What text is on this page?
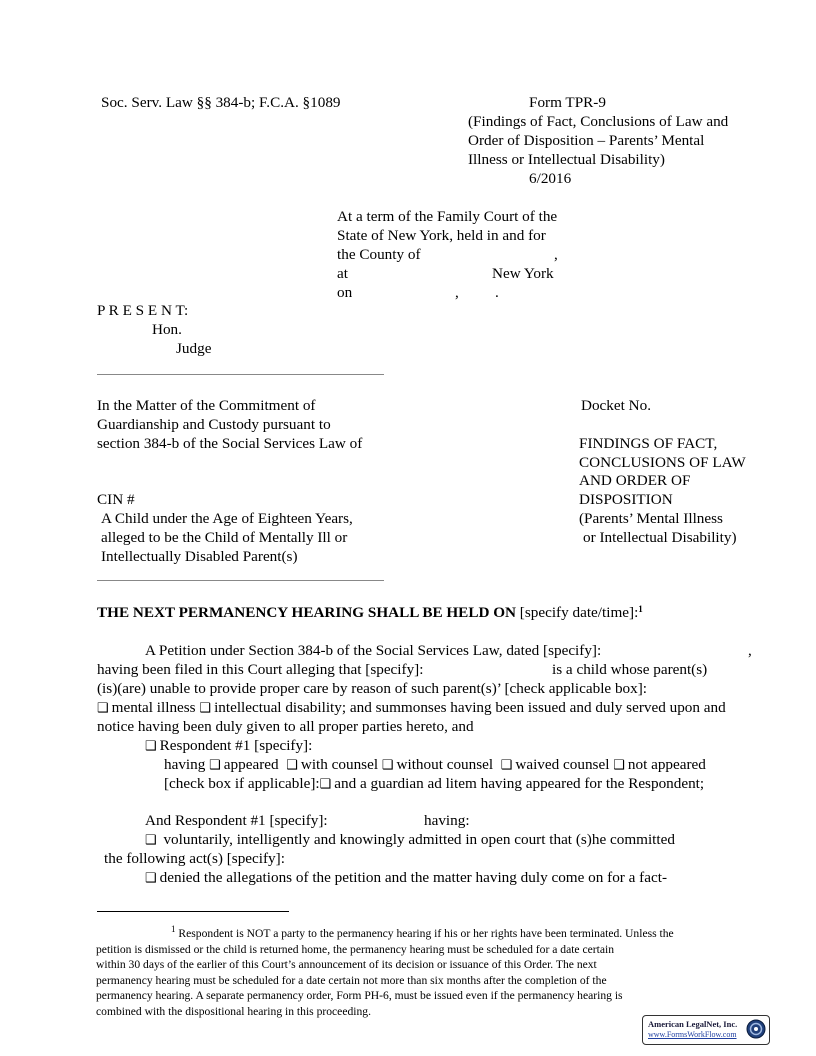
Soc. Serv. Law §§ 384-b; F.C.A. §1089	Form TPR-9
(Findings of Fact, Conclusions of Law and
Order of Disposition – Parents’ Mental
Illness or Intellectual Disability)
6/2016
At a term of the Family Court of the
State of New York, held in and for
the County of	,
at	New York
on	, .
P R E S E N T:
Hon.
Judge
In the Matter of the Commitment of
Guardianship and Custody pursuant to
section 384-b of the Social Services Law of
CIN #
A Child under the Age of Eighteen Years,
alleged to be the Child of Mentally Ill or
Intellectually Disabled Parent(s)
Docket No.
FINDINGS OF FACT,
CONCLUSIONS OF LAW
AND ORDER OF
DISPOSITION
(Parents’ Mental Illness
or Intellectual Disability)
THE NEXT PERMANENCY HEARING SHALL BE HELD ON [specify date/time]:$^1$
A Petition under Section 384-b of the Social Services Law, dated [specify]:	,
having been filed in this Court alleging that [specify]:	is a child whose parent(s)
(is)(are) unable to provide proper care by reason of such parent(s)’ [check applicable box]:
❑ mental illness ❑ intellectual disability; and summonses having been issued and duly served upon and
notice having been duly given to all proper parties hereto, and
❑ Respondent #1 [specify]:
having ❑ appeared ❑ with counsel ❑ without counsel ❑ waived counsel ❑ not appeared
[check box if applicable]:❑ and a guardian ad litem having appeared for the Respondent;
And Respondent #1 [specify]:	having:
❑ voluntarily, intelligently and knowingly admitted in open court that (s)he committed
the following act(s) [specify]:
❑ denied the allegations of the petition and the matter having duly come on for a fact-
$^1$ Respondent is NOT a party to the permanency hearing if his or her rights have been terminated. Unless the
petition is dismissed or the child is returned home, the permanency hearing must be scheduled for a date certain
within 30 days of the earlier of this Court’s announcement of its decision or issuance of this Order. The next
permanency hearing must be scheduled for a date certain not more than six months after the completion of the
permanency hearing. A separate permanency order, Form PH-6, must be issued even if the permanency hearing is
combined with the dispositional hearing in this proceeding.
American LegalNet, Inc.
www.FormsWorkFlow.com
